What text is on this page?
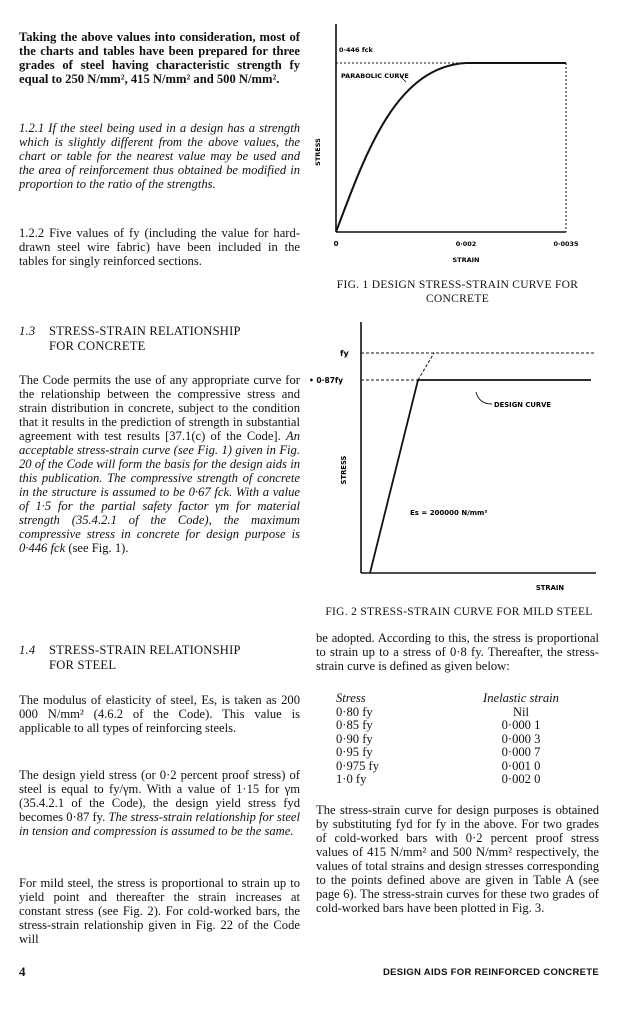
Taking the above values into consideration, most of the charts and tables have been prepared for three grades of steel having characteristic strength fy equal to 250 N/mm², 415 N/mm² and 500 N/mm².
1.2.1 If the steel being used in a design has a strength which is slightly different from the above values, the chart or table for the nearest value may be used and the area of reinforcement thus obtained be modified in proportion to the ratio of the strengths.
1.2.2 Five values of fy (including the value for hard-drawn steel wire fabric) have been included in the tables for singly reinforced sections.
1.3 STRESS-STRAIN RELATIONSHIP
FOR CONCRETE
The Code permits the use of any appropriate curve for the relationship between the compressive stress and strain distribution in concrete, subject to the condition that it results in the prediction of strength in substantial agreement with test results [37.1(c) of the Code]. An acceptable stress-strain curve (see Fig. 1) given in Fig. 20 of the Code will form the basis for the design aids in this publication. The compressive strength of concrete in the structure is assumed to be 0·67 fck. With a value of 1·5 for the partial safety factor γm for material strength (35.4.2.1 of the Code), the maximum compressive stress in concrete for design purpose is 0·446 fck (see Fig. 1).
1.4 STRESS-STRAIN RELATIONSHIP
FOR STEEL
The modulus of elasticity of steel, Es, is taken as 200 000 N/mm² (4.6.2 of the Code). This value is applicable to all types of reinforcing steels.
The design yield stress (or 0·2 percent proof stress) of steel is equal to fy/γm. With a value of 1·15 for γm (35.4.2.1 of the Code), the design yield stress fyd becomes 0·87 fy. The stress-strain relationship for steel in tension and compression is assumed to be the same.
For mild steel, the stress is proportional to strain up to yield point and thereafter the strain increases at constant stress (see Fig. 2). For cold-worked bars, the stress-strain relationship given in Fig. 22 of the Code will
0·446 fck
PARABOLIC CURVE
STRESS
0	0·002	0·0035
STRAIN
FIG. 1 DESIGN STRESS-STRAIN CURVE FOR
CONCRETE
fy
• 0·87fy
DESIGN CURVE
Es = 200000 N/mm²
STRESS
STRAIN
FIG. 2 STRESS-STRAIN CURVE FOR MILD STEEL
be adopted. According to this, the stress is proportional to strain up to a stress of 0·8 fy. Thereafter, the stress-strain curve is defined as given below:
Stress	Inelastic strain
0·80 fy	Nil
0·85 fy	0·000 1
0·90 fy	0·000 3
0·95 fy	0·000 7
0·975 fy	0·001 0
1·0 fy	0·002 0
The stress-strain curve for design purposes is obtained by substituting fyd for fy in the above. For two grades of cold-worked bars with 0·2 percent proof stress values of 415 N/mm² and 500 N/mm² respectively, the values of total strains and design stresses corresponding to the points defined above are given in Table A (see page 6). The stress-strain curves for these two grades of cold-worked bars have been plotted in Fig. 3.
4	DESIGN AIDS FOR REINFORCED CONCRETE
